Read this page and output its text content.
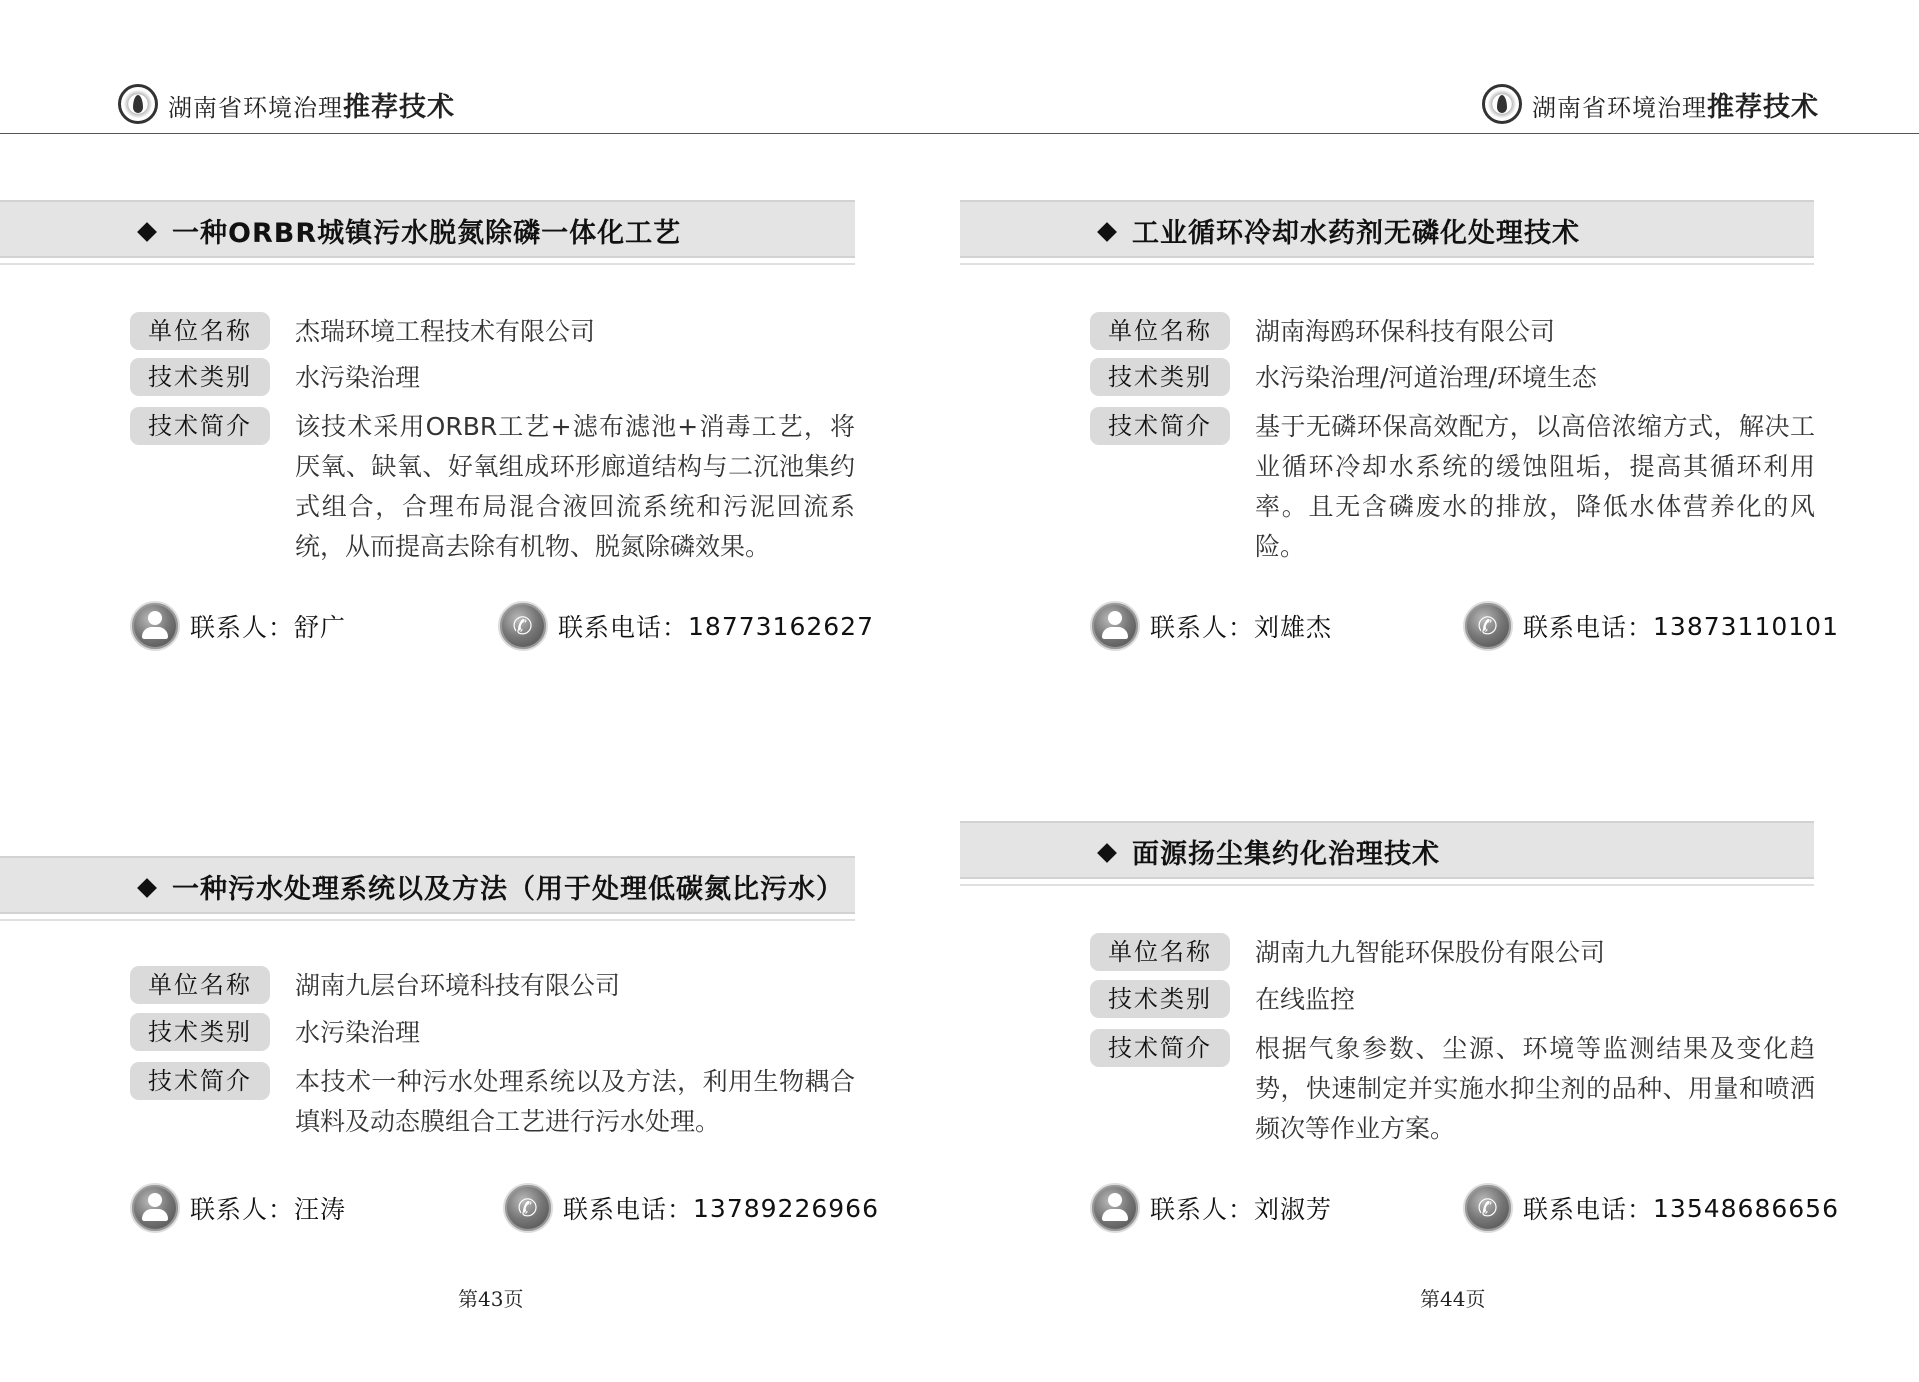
湖南省环境治理推荐技术
一种ORBR城镇污水脱氮除磷一体化工艺
单位名称	杰瑞环境工程技术有限公司
技术类别	水污染治理
技术简介	该技术采用ORBR工艺+滤布滤池+消毒工艺，将厌氧、缺氧、好氧组成环形廊道结构与二沉池集约式组合，合理布局混合液回流系统和污泥回流系统，从而提高去除有机物、脱氮除磷效果。
联系人： 舒广 ✆	联系电话： 18773162627
一种污水处理系统以及方法（用于处理低碳氮比污水）
单位名称	湖南九层台环境科技有限公司
技术类别	水污染治理
技术简介	本技术一种污水处理系统以及方法，利用生物耦合填料及动态膜组合工艺进行污水处理。
联系人： 汪涛 ✆	联系电话： 13789226966
第43页
湖南省环境治理推荐技术
工业循环冷却水药剂无磷化处理技术
单位名称	湖南海鸥环保科技有限公司
技术类别	水污染治理/河道治理/环境生态
技术简介	基于无磷环保高效配方，以高倍浓缩方式，解决工业循环冷却水系统的缓蚀阻垢，提高其循环利用率。且无含磷废水的排放，降低水体营养化的风险。
联系人： 刘雄杰 ✆	联系电话： 13873110101
面源扬尘集约化治理技术
单位名称	湖南九九智能环保股份有限公司
技术类别	在线监控
技术简介	根据气象参数、尘源、环境等监测结果及变化趋势，快速制定并实施水抑尘剂的品种、用量和喷洒频次等作业方案。
联系人： 刘淑芳 ✆	联系电话： 13548686656
第44页
